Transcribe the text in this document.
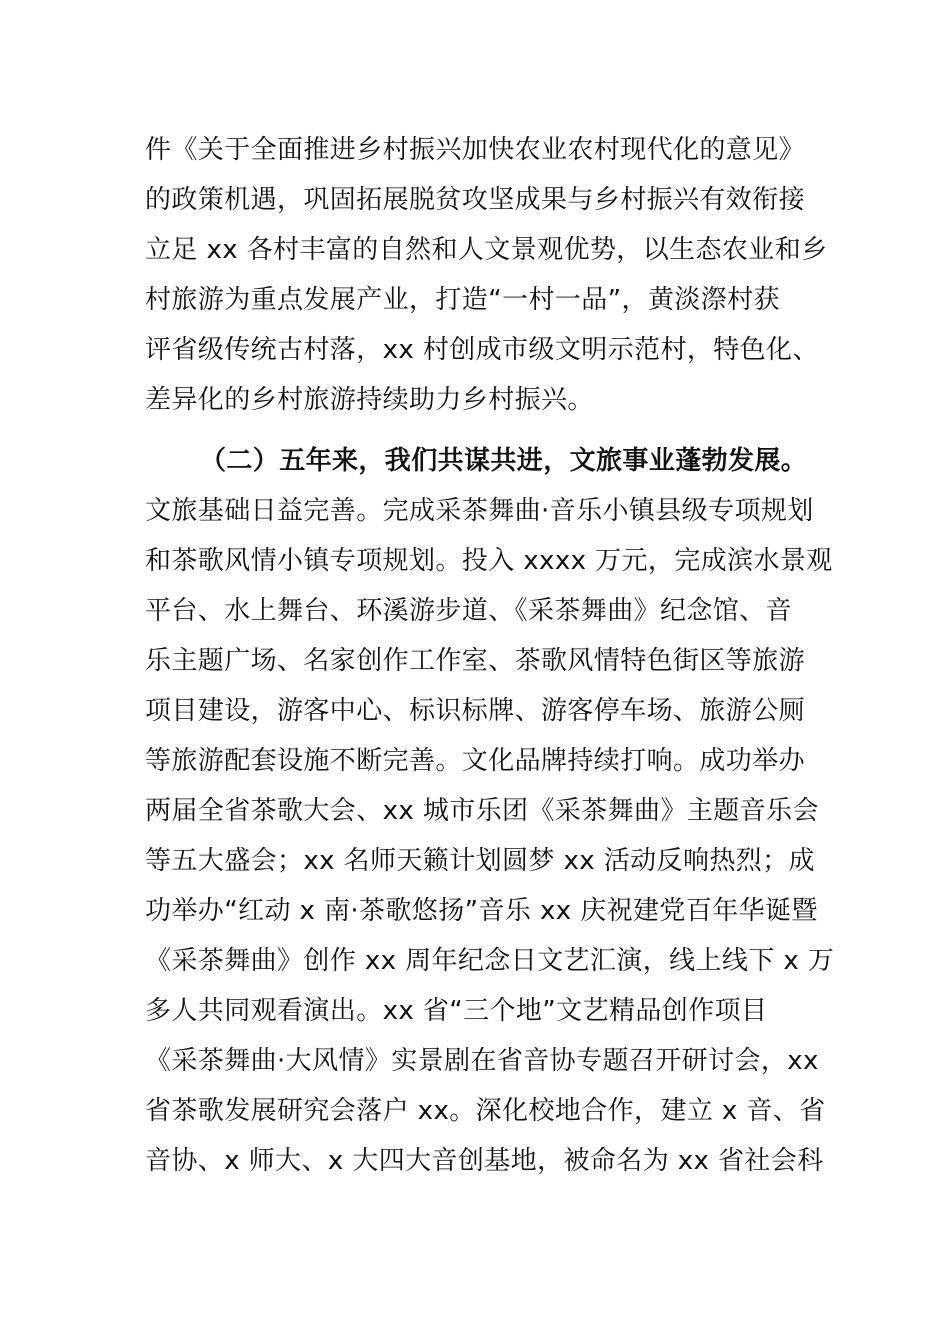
件《关于全面推进乡村振兴加快农业农村现代化的意见》
的政策机遇，巩固拓展脱贫攻坚成果与乡村振兴有效衔接
立足 xx 各村丰富的自然和人文景观优势，以生态农业和乡
村旅游为重点发展产业，打造“一村一品”，黄淡漈村获
评省级传统古村落，xx 村创成市级文明示范村，特色化、
差异化的乡村旅游持续助力乡村振兴。
（二）五年来，我们共谋共进，文旅事业蓬勃发展。
文旅基础日益完善。完成采茶舞曲·音乐小镇县级专项规划
和茶歌风情小镇专项规划。投入 xxxx 万元，完成滨水景观
平台、水上舞台、环溪游步道、《采茶舞曲》纪念馆、音
乐主题广场、名家创作工作室、茶歌风情特色街区等旅游
项目建设，游客中心、标识标牌、游客停车场、旅游公厕
等旅游配套设施不断完善。文化品牌持续打响。成功举办
两届全省茶歌大会、xx 城市乐团《采茶舞曲》主题音乐会
等五大盛会；xx 名师天籁计划圆梦 xx 活动反响热烈；成
功举办“红动 x 南·茶歌悠扬”音乐 xx 庆祝建党百年华诞暨
《采茶舞曲》创作 xx 周年纪念日文艺汇演，线上线下 x 万
多人共同观看演出。xx 省“三个地”文艺精品创作项目
《采茶舞曲·大风情》实景剧在省音协专题召开研讨会，xx
省茶歌发展研究会落户 xx。深化校地合作，建立 x 音、省
音协、x 师大、x 大四大音创基地，被命名为 xx 省社会科
